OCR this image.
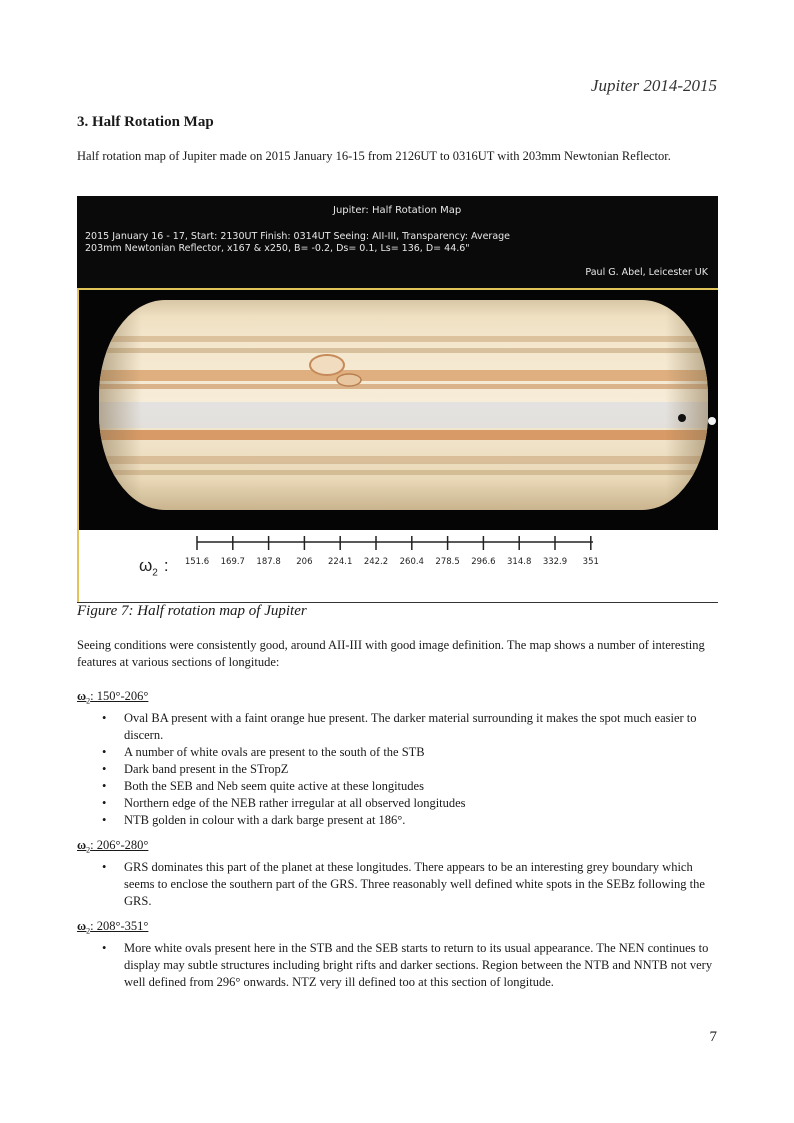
Jupiter 2014-2015
3. Half Rotation Map
Half rotation map of Jupiter made on 2015 January 16-15 from 2126UT to 0316UT with 203mm Newtonian Reflector.
Jupiter: Half Rotation Map
2015 January 16 - 17, Start: 2130UT Finish: 0314UT Seeing: AII-III, Transparency: Average
203mm Newtonian Reflector, x167 & x250, B= -0.2, Ds= 0.1, Ls= 136, D= 44.6"
Paul G. Abel, Leicester UK
$\omega_2$ :	151.6	169.7	187.8	206	224.1	242.2	260.4	278.5	296.6	314.8	332.9	351
Figure 7: Half rotation map of Jupiter
Seeing conditions were consistently good, around AII-III with good image definition. The map shows a number of interesting features at various sections of longitude:
$\omega_2$: 150°-206°
• Oval BA present with a faint orange hue present. The darker material surrounding it makes the spot much easier to discern.
• A number of white ovals are present to the south of the STB
• Dark band present in the STropZ
• Both the SEB and Neb seem quite active at these longitudes
• Northern edge of the NEB rather irregular at all observed longitudes
• NTB golden in colour with a dark barge present at 186°.
$\omega_2$: 206°-280°
• GRS dominates this part of the planet at these longitudes. There appears to be an interesting grey boundary which seems to enclose the southern part of the GRS. Three reasonably well defined white spots in the SEBz following the GRS.
$\omega_2$: 208°-351°
• More white ovals present here in the STB and the SEB starts to return to its usual appearance. The NEN continues to display may subtle structures including bright rifts and darker sections. Region between the NTB and NNTB not very well defined from 296° onwards. NTZ very ill defined too at this section of longitude.
7
